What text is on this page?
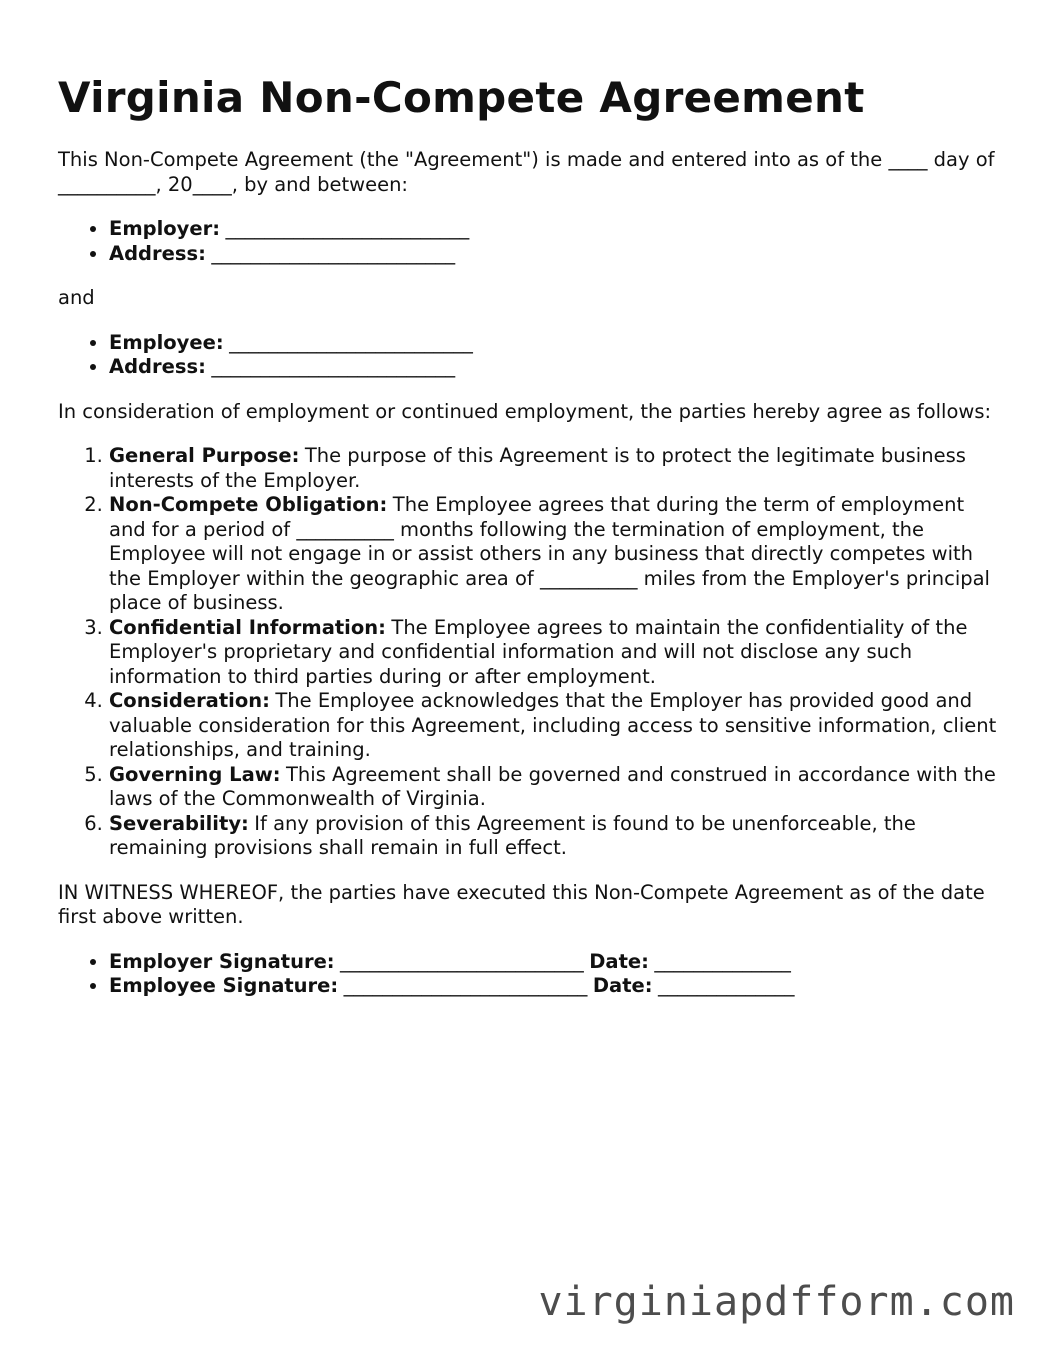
Virginia Non-Compete Agreement

This Non-Compete Agreement (the "Agreement") is made and entered into as of the ____ day of __________, 20____, by and between:

• Employer: _________________________
• Address: _________________________

and

• Employee: _________________________
• Address: _________________________

In consideration of employment or continued employment, the parties hereby agree as follows:

1. General Purpose: The purpose of this Agreement is to protect the legitimate business interests of the Employer.
2. Non-Compete Obligation: The Employee agrees that during the term of employment and for a period of __________ months following the termination of employment, the Employee will not engage in or assist others in any business that directly competes with the Employer within the geographic area of __________ miles from the Employer's principal place of business.
3. Confidential Information: The Employee agrees to maintain the confidentiality of the Employer's proprietary and confidential information and will not disclose any such information to third parties during or after employment.
4. Consideration: The Employee acknowledges that the Employer has provided good and valuable consideration for this Agreement, including access to sensitive information, client relationships, and training.
5. Governing Law: This Agreement shall be governed and construed in accordance with the laws of the Commonwealth of Virginia.
6. Severability: If any provision of this Agreement is found to be unenforceable, the remaining provisions shall remain in full effect.

IN WITNESS WHEREOF, the parties have executed this Non-Compete Agreement as of the date first above written.

• Employer Signature: _________________________ Date: ______________
• Employee Signature: _________________________ Date: ______________
virginiapdfform.com
